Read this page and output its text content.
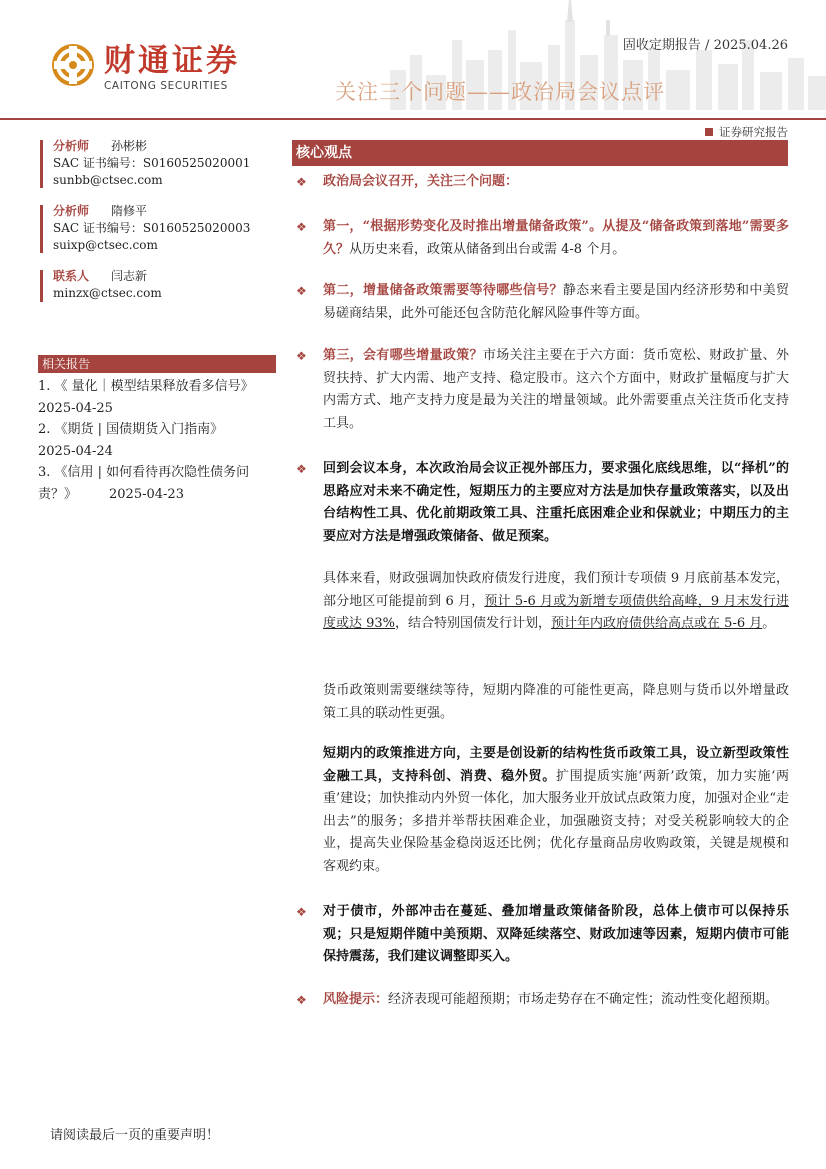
财通证券
CAITONG SECURITIES
固收定期报告 / 2025.04.26
关注三个问题——政治局会议点评
证券研究报告
分析师 孙彬彬
SAC 证书编号：S0160525020001
sunbb@ctsec.com
分析师 隋修平
SAC 证书编号：S0160525020003
suixp@ctsec.com
联系人 闫志新
minzx@ctsec.com
相关报告
1. 《 量化｜模型结果释放看多信号》
2025-04-25
2. 《期货 | 国债期货入门指南》
2025-04-24
3. 《信用 | 如何看待再次隐性债务问
责？》 2025-04-23
核心观点
❖ 政治局会议召开，关注三个问题：
❖ 第一，“根据形势变化及时推出增量储备政策”。从提及“储备政策到落地”需要多久？从历史来看，政策从储备到出台或需 4-8 个月。
❖ 第二，增量储备政策需要等待哪些信号？静态来看主要是国内经济形势和中美贸易磋商结果，此外可能还包含防范化解风险事件等方面。
❖ 第三，会有哪些增量政策？市场关注主要在于六方面：货币宽松、财政扩量、外贸扶持、扩大内需、地产支持、稳定股市。这六个方面中，财政扩量幅度与扩大内需方式、地产支持力度是最为关注的增量领域。此外需要重点关注货币化支持工具。
❖ 回到会议本身，本次政治局会议正视外部压力，要求强化底线思维，以“择机”的思路应对未来不确定性，短期压力的主要应对方法是加快存量政策落实，以及出台结构性工具、优化前期政策工具、注重托底困难企业和保就业；中期压力的主要应对方法是增强政策储备、做足预案。
具体来看，财政强调加快政府债发行进度，我们预计专项债 9 月底前基本发完，部分地区可能提前到 6 月，预计 5-6 月或为新增专项债供给高峰，9 月末发行进度或达 93%，结合特别国债发行计划，预计年内政府债供给高点或在 5-6 月。
货币政策则需要继续等待，短期内降准的可能性更高，降息则与货币以外增量政策工具的联动性更强。
短期内的政策推进方向，主要是创设新的结构性货币政策工具，设立新型政策性金融工具，支持科创、消费、稳外贸。扩围提质实施‘两新’政策，加力实施‘两重’建设；加快推动内外贸一体化，加大服务业开放试点政策力度，加强对企业“走出去”的服务；多措并举帮扶困难企业，加强融资支持；对受关税影响较大的企业，提高失业保险基金稳岗返还比例；优化存量商品房收购政策，关键是规模和客观约束。
❖ 对于债市，外部冲击在蔓延、叠加增量政策储备阶段，总体上债市可以保持乐观；只是短期伴随中美预期、双降延续落空、财政加速等因素，短期内债市可能保持震荡，我们建议调整即买入。
❖ 风险提示：经济表现可能超预期；市场走势存在不确定性；流动性变化超预期。
请阅读最后一页的重要声明！
